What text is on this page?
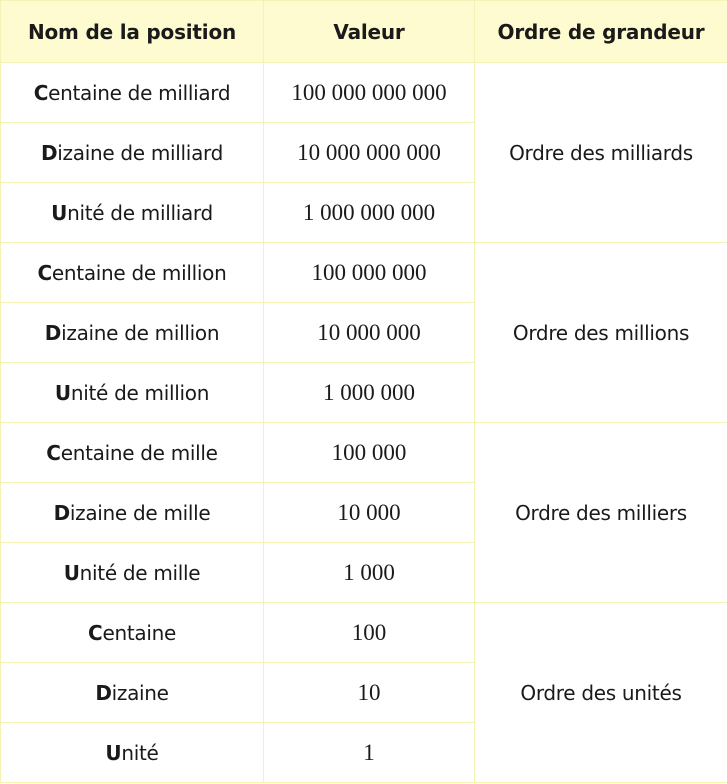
Nom de la position	Valeur	Ordre de grandeur
Centaine de milliard	100 000 000 000	Ordre des milliards
Dizaine de milliard	10 000 000 000	
Unité de milliard	1 000 000 000	
Centaine de million	100 000 000	Ordre des millions
Dizaine de million	10 000 000	
Unité de million	1 000 000	
Centaine de mille	100 000	Ordre des milliers
Dizaine de mille	10 000	
Unité de mille	1 000	
Centaine	100	Ordre des unités
Dizaine	10	
Unité	1	
